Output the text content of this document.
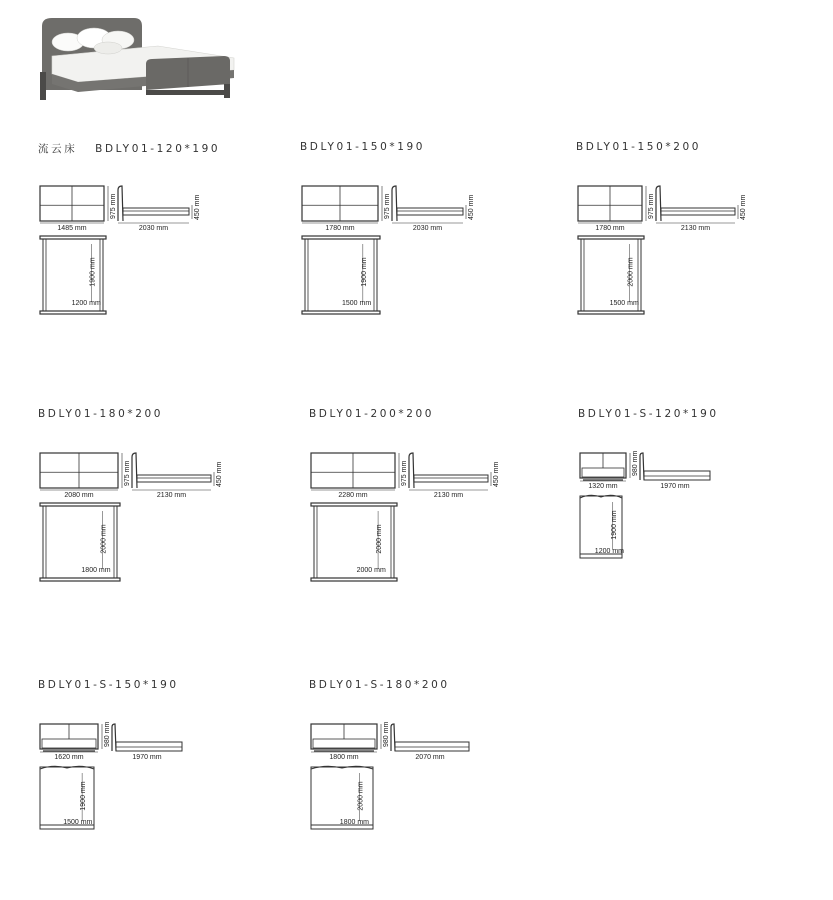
流云床 BDLY01-120*190
975 mm
1485 mm
450 mm
2030 mm
1900 mm
1200 mm
BDLY01-150*190
975 mm
1780 mm
450 mm
2030 mm
1900 mm
1500 mm
BDLY01-150*200
975 mm
1780 mm
450 mm
2130 mm
2000 mm
1500 mm
BDLY01-180*200
975 mm
2080 mm
450 mm
2130 mm
2000 mm
1800 mm
BDLY01-200*200
975 mm
2280 mm
450 mm
2130 mm
2000 mm
2000 mm
BDLY01-S-120*190
980 mm
1320 mm	1970 mm
1900 mm
1200 mm
BDLY01-S-150*190
980 mm
1620 mm	1970 mm
1900 mm
1500 mm
BDLY01-S-180*200
980 mm
1800 mm	2070 mm
2000 mm
1800 mm
